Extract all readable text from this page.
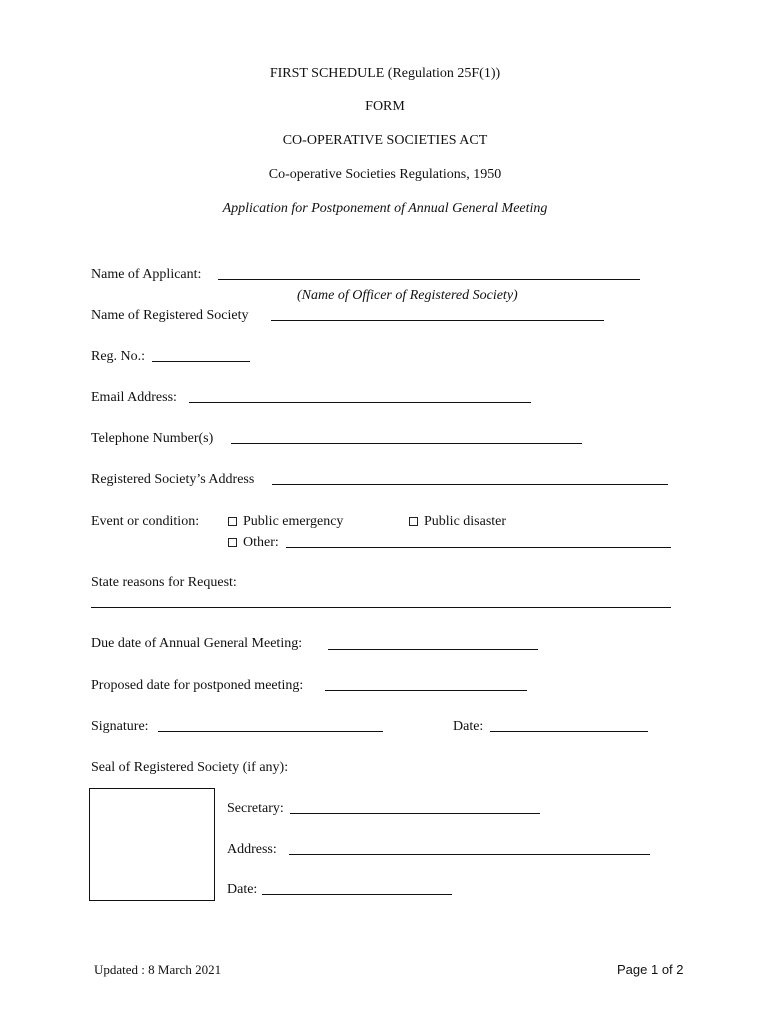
FIRST SCHEDULE (Regulation 25F(1))
FORM
CO-OPERATIVE SOCIETIES ACT
Co-operative Societies Regulations, 1950
Application for Postponement of Annual General Meeting
Name of Applicant:
(Name of Officer of Registered Society)
Name of Registered Society
Reg. No.:
Email Address:
Telephone Number(s)
Registered Society’s Address
Event or condition:	Public emergency	Public disaster
Other:
State reasons for Request:
Due date of Annual General Meeting:
Proposed date for postponed meeting:
Signature:	Date:
Seal of Registered Society (if any):
Secretary:
Address:
Date:
Updated : 8 March 2021	Page 1 of 2
